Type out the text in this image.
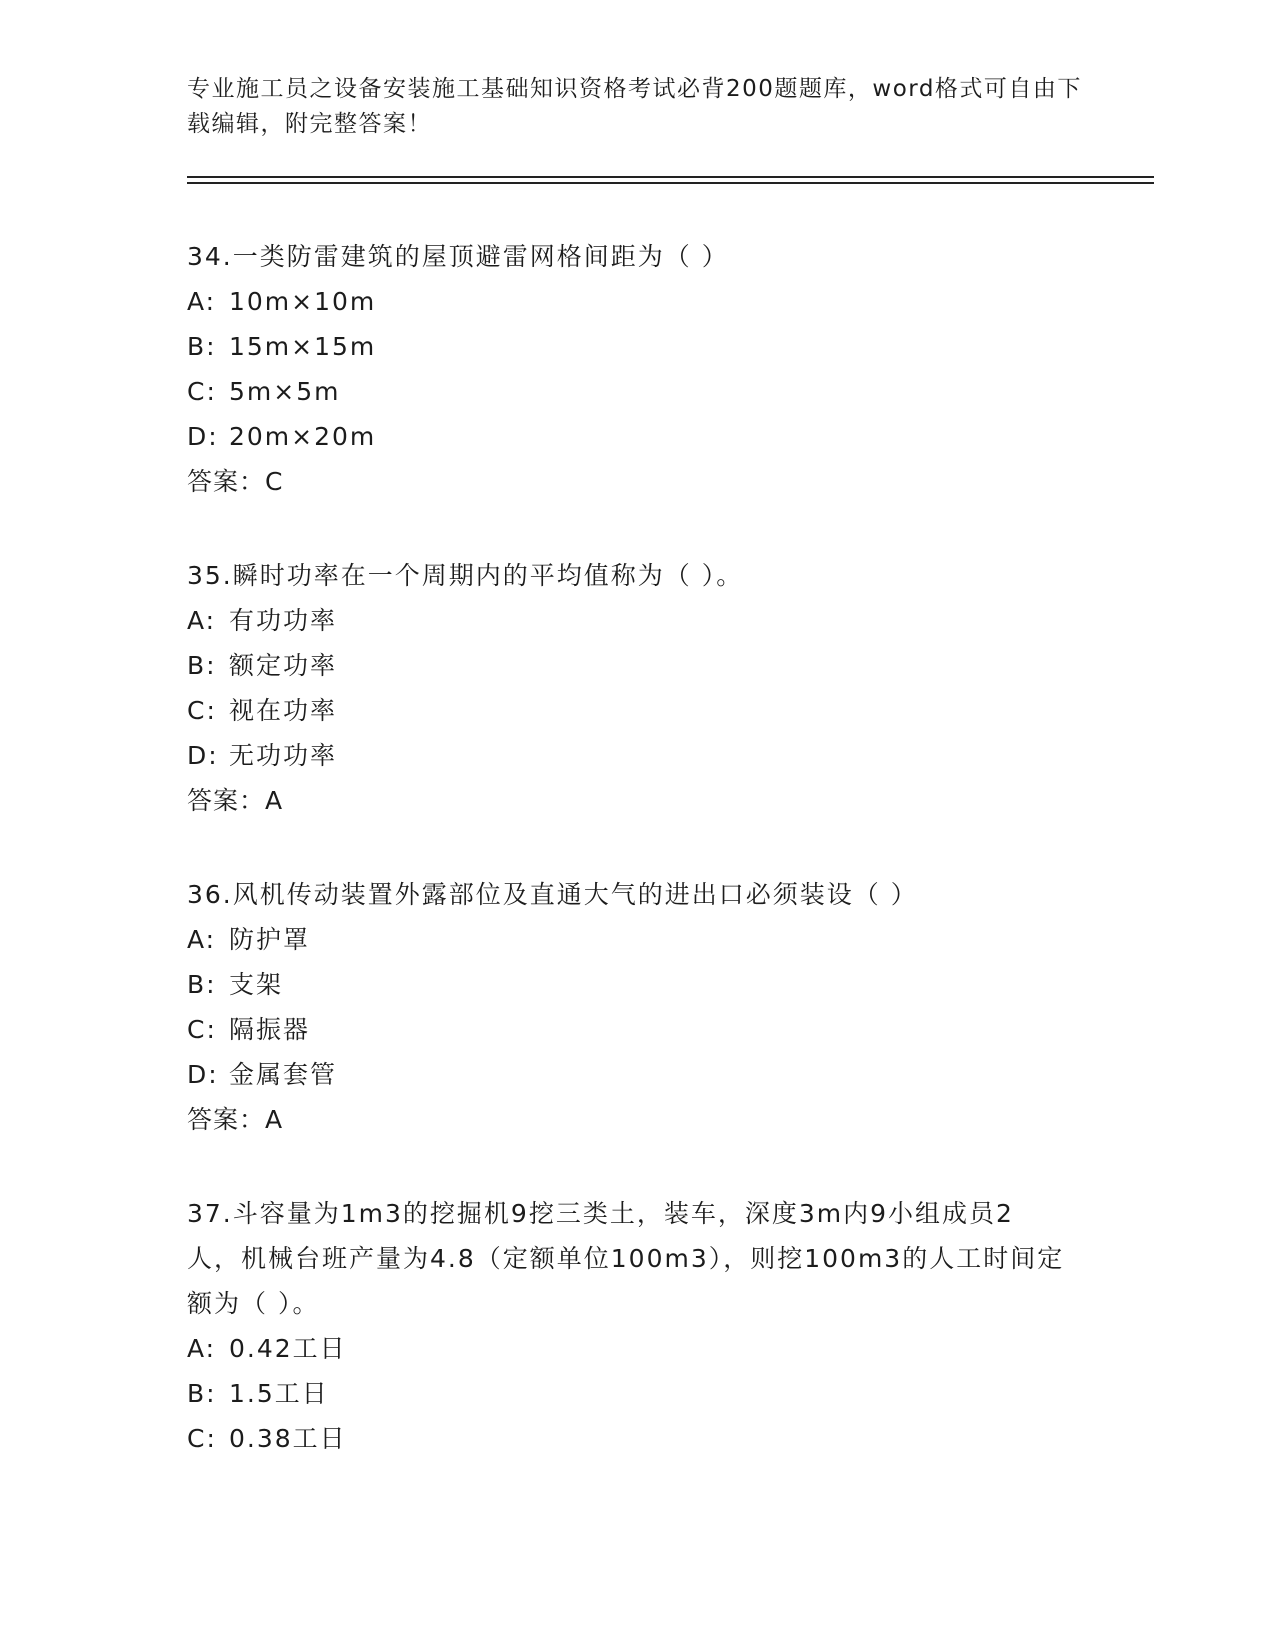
专业施工员之设备安装施工基础知识资格考试必背200题题库，word格式可自由下载编辑，附完整答案！
34.一类防雷建筑的屋顶避雷网格间距为（ ）
A: 10m×10m
B: 15m×15m
C: 5m×5m
D: 20m×20m
答案：C
35.瞬时功率在一个周期内的平均值称为（ ）。
A: 有功功率
B: 额定功率
C: 视在功率
D: 无功功率
答案：A
36.风机传动装置外露部位及直通大气的进出口必须装设（ ）
A: 防护罩
B: 支架
C: 隔振器
D: 金属套管
答案：A
37.斗容量为1m3的挖掘机9挖三类土，装车，深度3m内9小组成员2人，机械台班产量为4.8（定额单位100m3），则挖100m3的人工时间定额为（ ）。
A: 0.42工日
B: 1.5工日
C: 0.38工日
